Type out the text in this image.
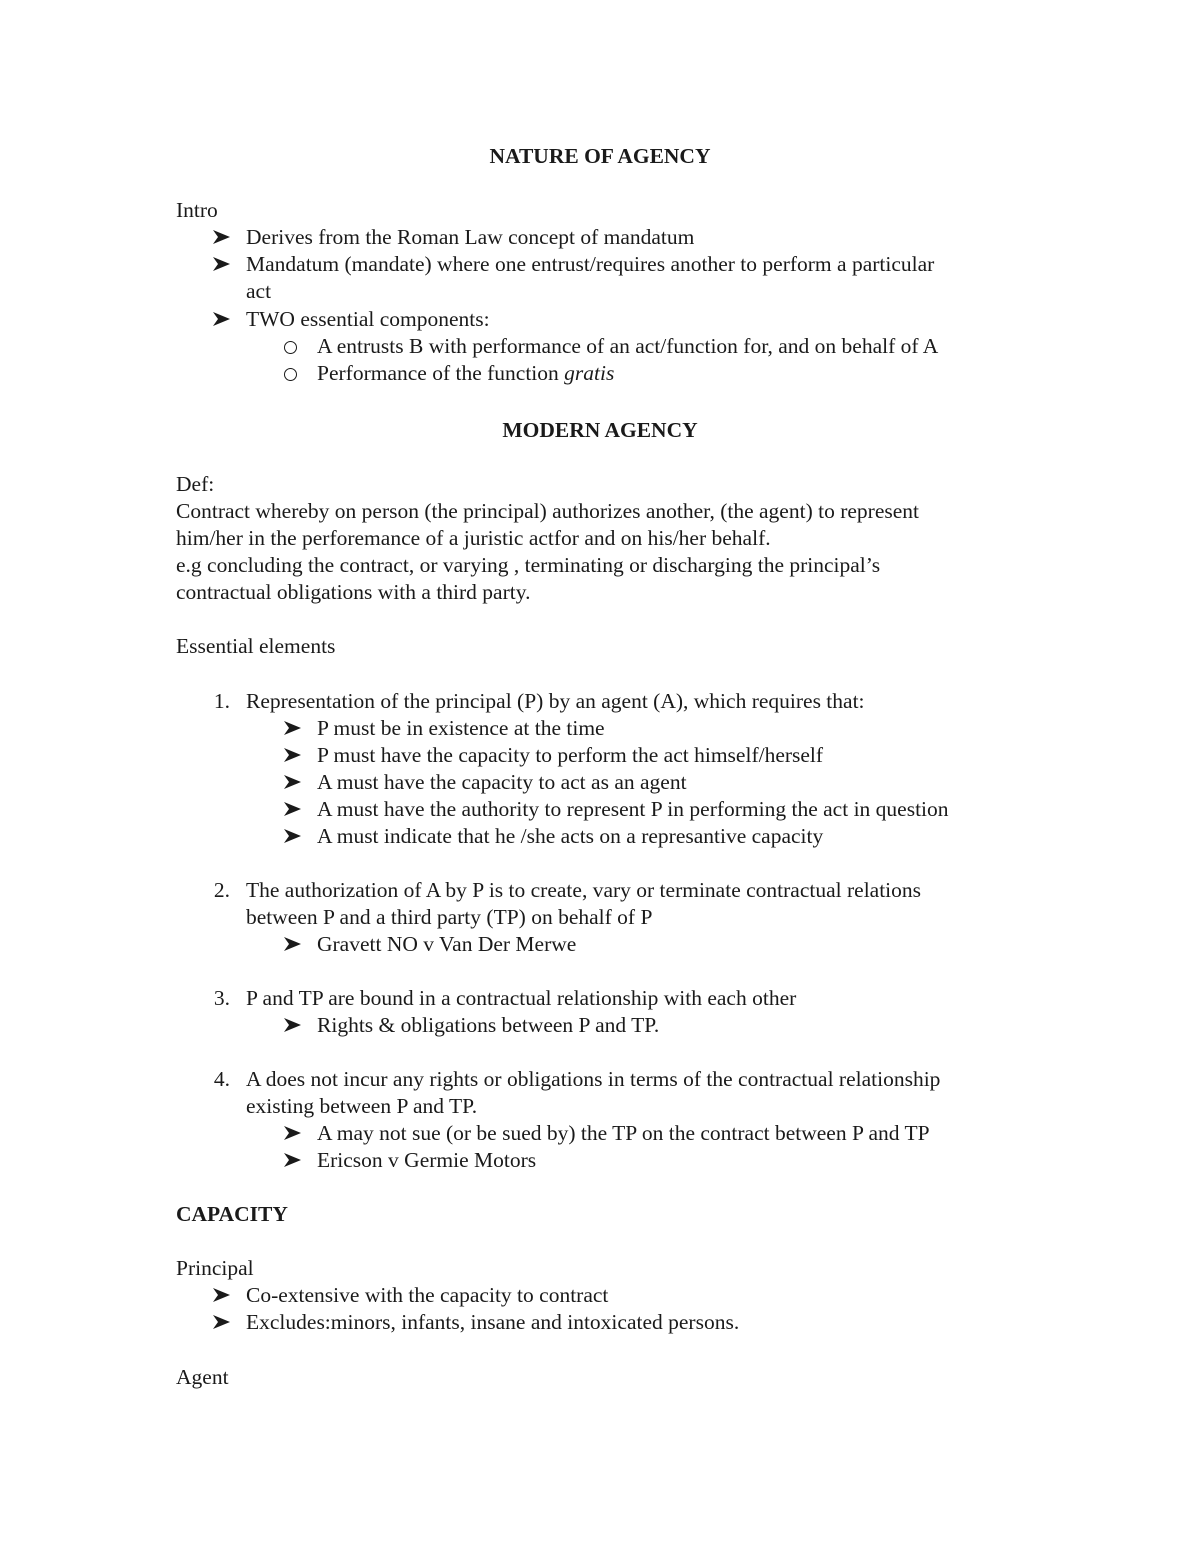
NATURE OF AGENCY
Intro
Derives from the Roman Law concept of mandatum
Mandatum (mandate) where one entrust/requires another to perform a particular
act
TWO essential components:
A entrusts B with performance of an act/function for, and on behalf of A
Performance of the function gratis
MODERN AGENCY
Def:
Contract whereby on person (the principal) authorizes another, (the agent) to represent
him/her in the perforemance of a juristic actfor and on his/her behalf.
e.g concluding the contract, or varying , terminating or discharging the principal’s
contractual obligations with a third party.
Essential elements
1. Representation of the principal (P) by an agent (A), which requires that:
P must be in existence at the time
P must have the capacity to perform the act himself/herself
A must have the capacity to act as an agent
A must have the authority to represent P in performing the act in question
A must indicate that he /she acts on a represantive capacity
2. The authorization of A by P is to create, vary or terminate contractual relations
between P and a third party (TP) on behalf of P
Gravett NO v Van Der Merwe
3. P and TP are bound in a contractual relationship with each other
Rights & obligations between P and TP.
4. A does not incur any rights or obligations in terms of the contractual relationship
existing between P and TP.
A may not sue (or be sued by) the TP on the contract between P and TP
Ericson v Germie Motors
CAPACITY
Principal
Co-extensive with the capacity to contract
Excludes:minors, infants, insane and intoxicated persons.
Agent
